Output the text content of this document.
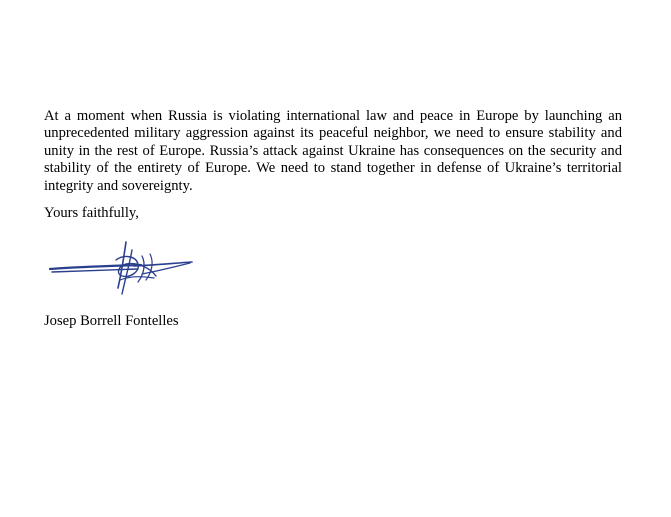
At a moment when Russia is violating international law and peace in Europe by launching an unprecedented military aggression against its peaceful neighbor, we need to ensure stability and unity in the rest of Europe. Russia’s attack against Ukraine has consequences on the security and stability of the entirety of Europe. We need to stand together in defense of Ukraine’s territorial integrity and sovereignty.

Yours faithfully,

Josep Borrell Fontelles
